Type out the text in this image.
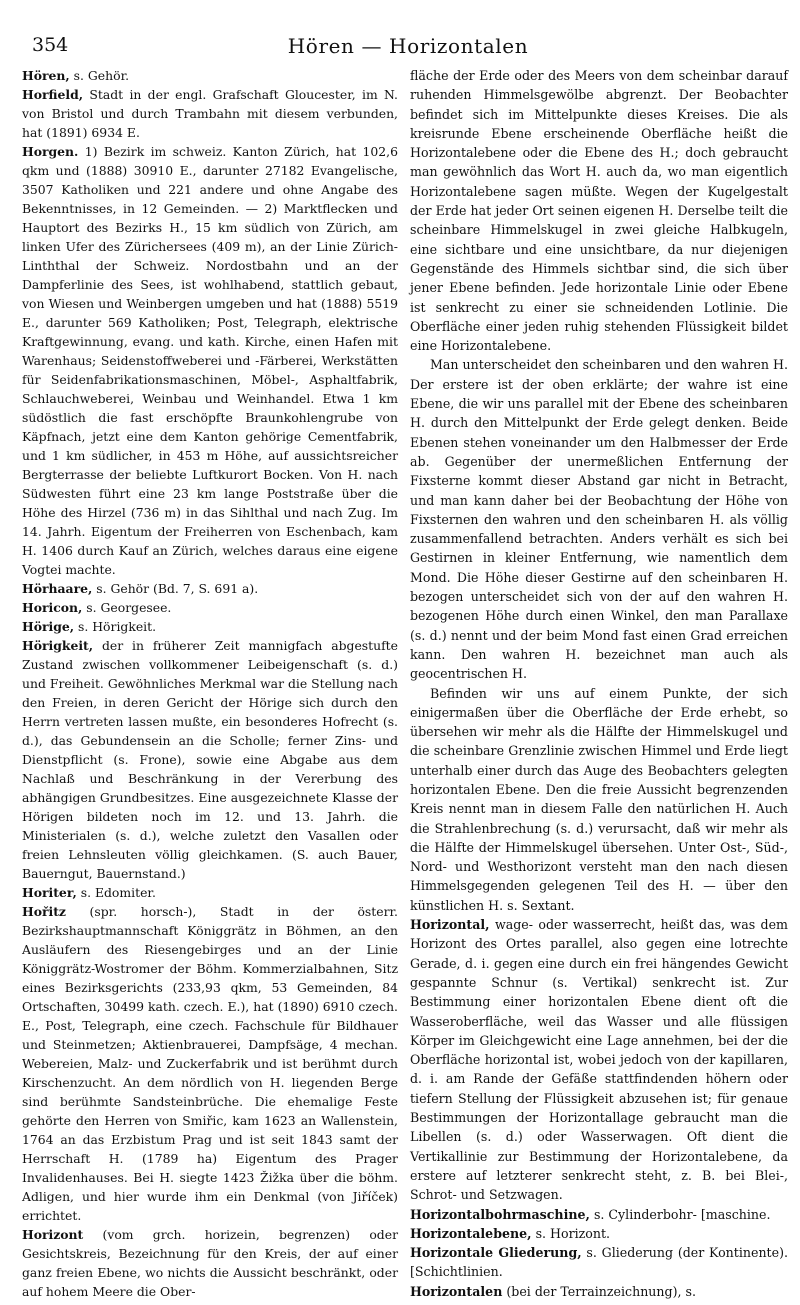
354	Hören — Horizontalen

Hören, s. Gehör.

Horfield, Stadt in der engl. Grafschaft Gloucester, im N. von Bristol und durch Trambahn mit diesem verbunden, hat (1891) 6934 E.

Horgen. 1) Bezirk im schweiz. Kanton Zürich, hat 102,6 qkm und (1888) 30910 E., darunter 27182 Evangelische, 3507 Katholiken und 221 andere und ohne Angabe des Bekenntnisses, in 12 Gemeinden. — 2) Marktflecken und Hauptort des Bezirks H., 15 km südlich von Zürich, am linken Ufer des Zürichersees (409 m), an der Linie Zürich-Linththal der Schweiz. Nordostbahn und an der Dampferlinie des Sees, ist wohlhabend, stattlich gebaut, von Wiesen und Weinbergen umgeben und hat (1888) 5519 E., darunter 569 Katholiken; Post, Telegraph, elektrische Kraftgewinnung, evang. und kath. Kirche, einen Hafen mit Warenhaus; Seidenstoffweberei und -Färberei, Werkstätten für Seidenfabrikationsmaschinen, Möbel-, Asphaltfabrik, Schlauchweberei, Weinbau und Weinhandel. Etwa 1 km südöstlich die fast erschöpfte Braunkohlengrube von Käpfnach, jetzt eine dem Kanton gehörige Cementfabrik, und 1 km südlicher, in 453 m Höhe, auf aussichtsreicher Bergterrasse der beliebte Luftkurort Bocken. Von H. nach Südwesten führt eine 23 km lange Poststraße über die Höhe des Hirzel (736 m) in das Sihlthal und nach Zug. Im 14. Jahrh. Eigentum der Freiherren von Eschenbach, kam H. 1406 durch Kauf an Zürich, welches daraus eine eigene Vogtei machte.

Hörhaare, s. Gehör (Bd. 7, S. 691 a).

Horicon, s. Georgesee.

Hörige, s. Hörigkeit.

Hörigkeit, der in früherer Zeit mannigfach abgestufte Zustand zwischen vollkommener Leibeigenschaft (s. d.) und Freiheit. Gewöhnliches Merkmal war die Stellung nach den Freien, in deren Gericht der Hörige sich durch den Herrn vertreten lassen mußte, ein besonderes Hofrecht (s. d.), das Gebundensein an die Scholle; ferner Zins- und Dienstpflicht (s. Frone), sowie eine Abgabe aus dem Nachlaß und Beschränkung in der Vererbung des abhängigen Grundbesitzes. Eine ausgezeichnete Klasse der Hörigen bildeten noch im 12. und 13. Jahrh. die Ministerialen (s. d.), welche zuletzt den Vasallen oder freien Lehnsleuten völlig gleichkamen. (S. auch Bauer, Bauerngut, Bauernstand.)

Horiter, s. Edomiter.

Hořitz (spr. horsch-), Stadt in der österr. Bezirkshauptmannschaft Königgrätz in Böhmen, an den Ausläufern des Riesengebirges und an der Linie Königgrätz-Wostromer der Böhm. Kommerzialbahnen, Sitz eines Bezirksgerichts (233,93 qkm, 53 Gemeinden, 84 Ortschaften, 30499 kath. czech. E.), hat (1890) 6910 czech. E., Post, Telegraph, eine czech. Fachschule für Bildhauer und Steinmetzen; Aktienbrauerei, Dampfsäge, 4 mechan. Webereien, Malz- und Zuckerfabrik und ist berühmt durch Kirschenzucht. An dem nördlich von H. liegenden Berge sind berühmte Sandsteinbrüche. Die ehemalige Feste gehörte den Herren von Smiřic, kam 1623 an Wallenstein, 1764 an das Erzbistum Prag und ist seit 1843 samt der Herrschaft H. (1789 ha) Eigentum des Prager Invalidenhauses. Bei H. siegte 1423 Žižka über die böhm. Adligen, und hier wurde ihm ein Denkmal (von Jiříček) errichtet.

Horizont (vom grch. horizein, begrenzen) oder Gesichtskreis, Bezeichnung für den Kreis, der auf einer ganz freien Ebene, wo nichts die Aussicht beschränkt, oder auf hohem Meere die Ober-

fläche der Erde oder des Meers von dem scheinbar darauf ruhenden Himmelsgewölbe abgrenzt. Der Beobachter befindet sich im Mittelpunkte dieses Kreises. Die als kreisrunde Ebene erscheinende Oberfläche heißt die Horizontalebene oder die Ebene des H.; doch gebraucht man gewöhnlich das Wort H. auch da, wo man eigentlich Horizontalebene sagen müßte. Wegen der Kugelgestalt der Erde hat jeder Ort seinen eigenen H. Derselbe teilt die scheinbare Himmelskugel in zwei gleiche Halbkugeln, eine sichtbare und eine unsichtbare, da nur diejenigen Gegenstände des Himmels sichtbar sind, die sich über jener Ebene befinden. Jede horizontale Linie oder Ebene ist senkrecht zu einer sie schneidenden Lotlinie. Die Oberfläche einer jeden ruhig stehenden Flüssigkeit bildet eine Horizontalebene.

Man unterscheidet den scheinbaren und den wahren H. Der erstere ist der oben erklärte; der wahre ist eine Ebene, die wir uns parallel mit der Ebene des scheinbaren H. durch den Mittelpunkt der Erde gelegt denken. Beide Ebenen stehen voneinander um den Halbmesser der Erde ab. Gegenüber der unermeßlichen Entfernung der Fixsterne kommt dieser Abstand gar nicht in Betracht, und man kann daher bei der Beobachtung der Höhe von Fixsternen den wahren und den scheinbaren H. als völlig zusammenfallend betrachten. Anders verhält es sich bei Gestirnen in kleiner Entfernung, wie namentlich dem Mond. Die Höhe dieser Gestirne auf den scheinbaren H. bezogen unterscheidet sich von der auf den wahren H. bezogenen Höhe durch einen Winkel, den man Parallaxe (s. d.) nennt und der beim Mond fast einen Grad erreichen kann. Den wahren H. bezeichnet man auch als geocentrischen H.

Befinden wir uns auf einem Punkte, der sich einigermaßen über die Oberfläche der Erde erhebt, so übersehen wir mehr als die Hälfte der Himmelskugel und die scheinbare Grenzlinie zwischen Himmel und Erde liegt unterhalb einer durch das Auge des Beobachters gelegten horizontalen Ebene. Den die freie Aussicht begrenzenden Kreis nennt man in diesem Falle den natürlichen H. Auch die Strahlenbrechung (s. d.) verursacht, daß wir mehr als die Hälfte der Himmelskugel übersehen. Unter Ost-, Süd-, Nord- und Westhorizont versteht man den nach diesen Himmelsgegenden gelegenen Teil des H. — über den künstlichen H. s. Sextant.

Horizontal, wage- oder wasserrecht, heißt das, was dem Horizont des Ortes parallel, also gegen eine lotrechte Gerade, d. i. gegen eine durch ein frei hängendes Gewicht gespannte Schnur (s. Vertikal) senkrecht ist. Zur Bestimmung einer horizontalen Ebene dient oft die Wasseroberfläche, weil das Wasser und alle flüssigen Körper im Gleichgewicht eine Lage annehmen, bei der die Oberfläche horizontal ist, wobei jedoch von der kapillaren, d. i. am Rande der Gefäße stattfindenden höhern oder tiefern Stellung der Flüssigkeit abzusehen ist; für genaue Bestimmungen der Horizontallage gebraucht man die Libellen (s. d.) oder Wasserwagen. Oft dient die Vertikallinie zur Bestimmung der Horizontalebene, da erstere auf letzterer senkrecht steht, z. B. bei Blei-, Schrot- und Setzwagen.

Horizontalbohrmaschine, s. Cylinderbohr- [maschine.

Horizontalebene, s. Horizont.

Horizontale Gliederung, s. Gliederung (der Kontinente). [Schichtlinien.

Horizontalen (bei der Terrainzeichnung), s.
